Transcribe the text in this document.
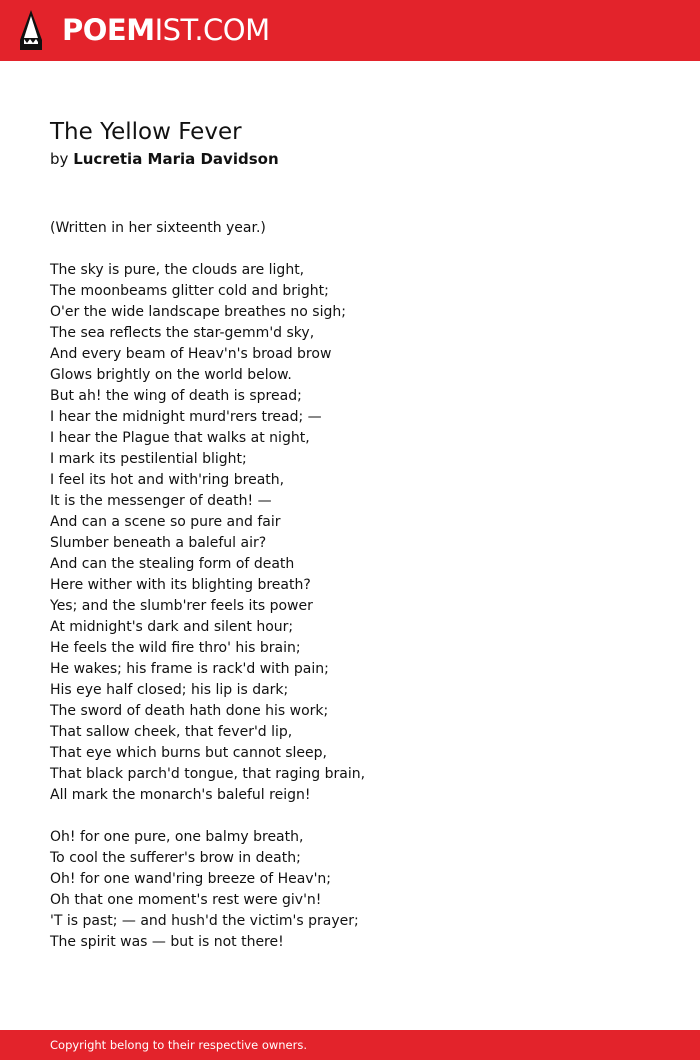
POEMIST.COM
The Yellow Fever
by Lucretia Maria Davidson
(Written in her sixteenth year.)
The sky is pure, the clouds are light,
The moonbeams glitter cold and bright;
O'er the wide landscape breathes no sigh;
The sea reflects the star-gemm'd sky,
And every beam of Heav'n's broad brow
Glows brightly on the world below.
But ah! the wing of death is spread;
I hear the midnight murd'rers tread; —
I hear the Plague that walks at night,
I mark its pestilential blight;
I feel its hot and with'ring breath,
It is the messenger of death! —
And can a scene so pure and fair
Slumber beneath a baleful air?
And can the stealing form of death
Here wither with its blighting breath?
Yes; and the slumb'rer feels its power
At midnight's dark and silent hour;
He feels the wild fire thro' his brain;
He wakes; his frame is rack'd with pain;
His eye half closed; his lip is dark;
The sword of death hath done his work;
That sallow cheek, that fever'd lip,
That eye which burns but cannot sleep,
That black parch'd tongue, that raging brain,
All mark the monarch's baleful reign!
Oh! for one pure, one balmy breath,
To cool the sufferer's brow in death;
Oh! for one wand'ring breeze of Heav'n;
Oh that one moment's rest were giv'n!
'T is past; — and hush'd the victim's prayer;
The spirit was — but is not there!
Copyright belong to their respective owners.
